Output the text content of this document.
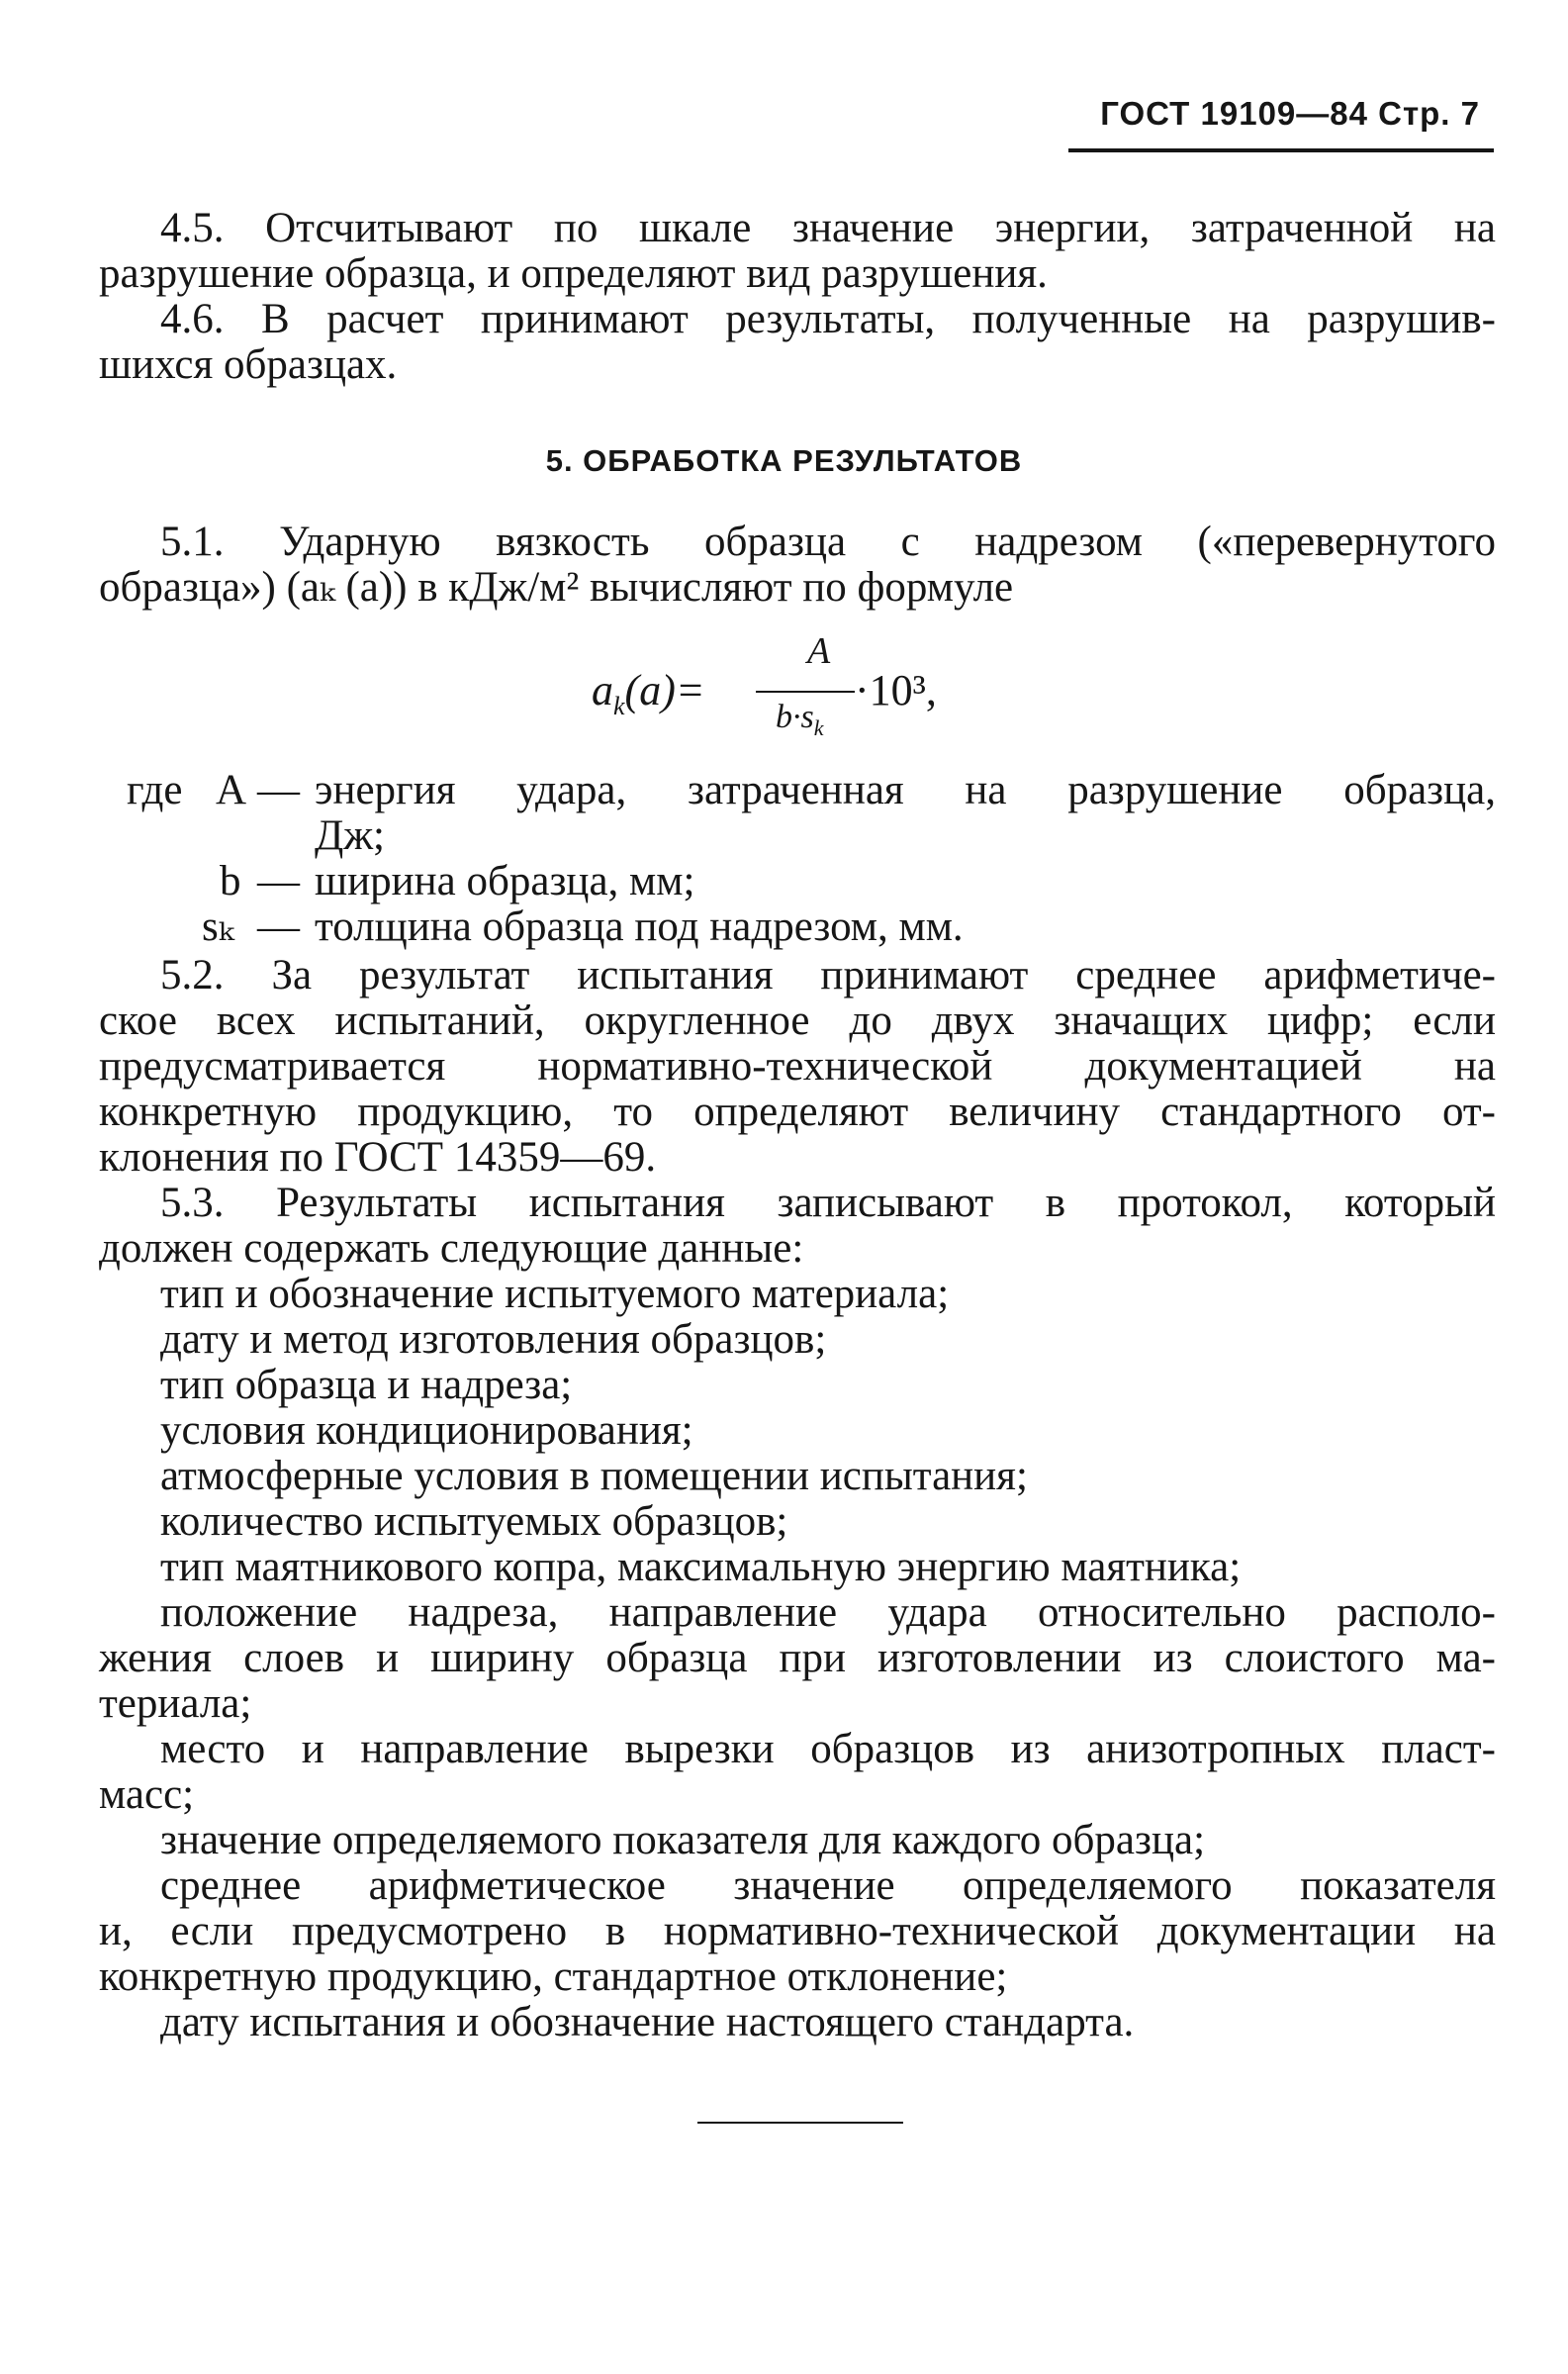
ГОСТ 19109—84 Стр. 7
4.5. Отсчитывают по шкале значение энергии, затраченной на
разрушение образца, и определяют вид разрушения.
4.6. В расчет принимают результаты, полученные на разрушив-
шихся образцах.
5. ОБРАБОТКА РЕЗУЛЬТАТОВ
5.1. Ударную вязкость образца с надрезом («перевернутого
образца») (aₖ (a)) в кДж/м² вычисляют по формуле
$a_k(a)=$
A
$b\cdot s_k$
·10³,
где A — энергия удара, затраченная на разрушение образца,
Дж;
b — ширина образца, мм;
sₖ — толщина образца под надрезом, мм.
5.2. За результат испытания принимают среднее арифметиче-
ское всех испытаний, округленное до двух значащих цифр; если
предусматривается нормативно-технической документацией на
конкретную продукцию, то определяют величину стандартного от-
клонения по ГОСТ 14359—69.
5.3. Результаты испытания записывают в протокол, который
должен содержать следующие данные:
тип и обозначение испытуемого материала;
дату и метод изготовления образцов;
тип образца и надреза;
условия кондиционирования;
атмосферные условия в помещении испытания;
количество испытуемых образцов;
тип маятникового копра, максимальную энергию маятника;
положение надреза, направление удара относительно располо-
жения слоев и ширину образца при изготовлении из слоистого ма-
териала;
место и направление вырезки образцов из анизотропных пласт-
масс;
значение определяемого показателя для каждого образца;
среднее арифметическое значение определяемого показателя
и, если предусмотрено в нормативно-технической документации на
конкретную продукцию, стандартное отклонение;
дату испытания и обозначение настоящего стандарта.
